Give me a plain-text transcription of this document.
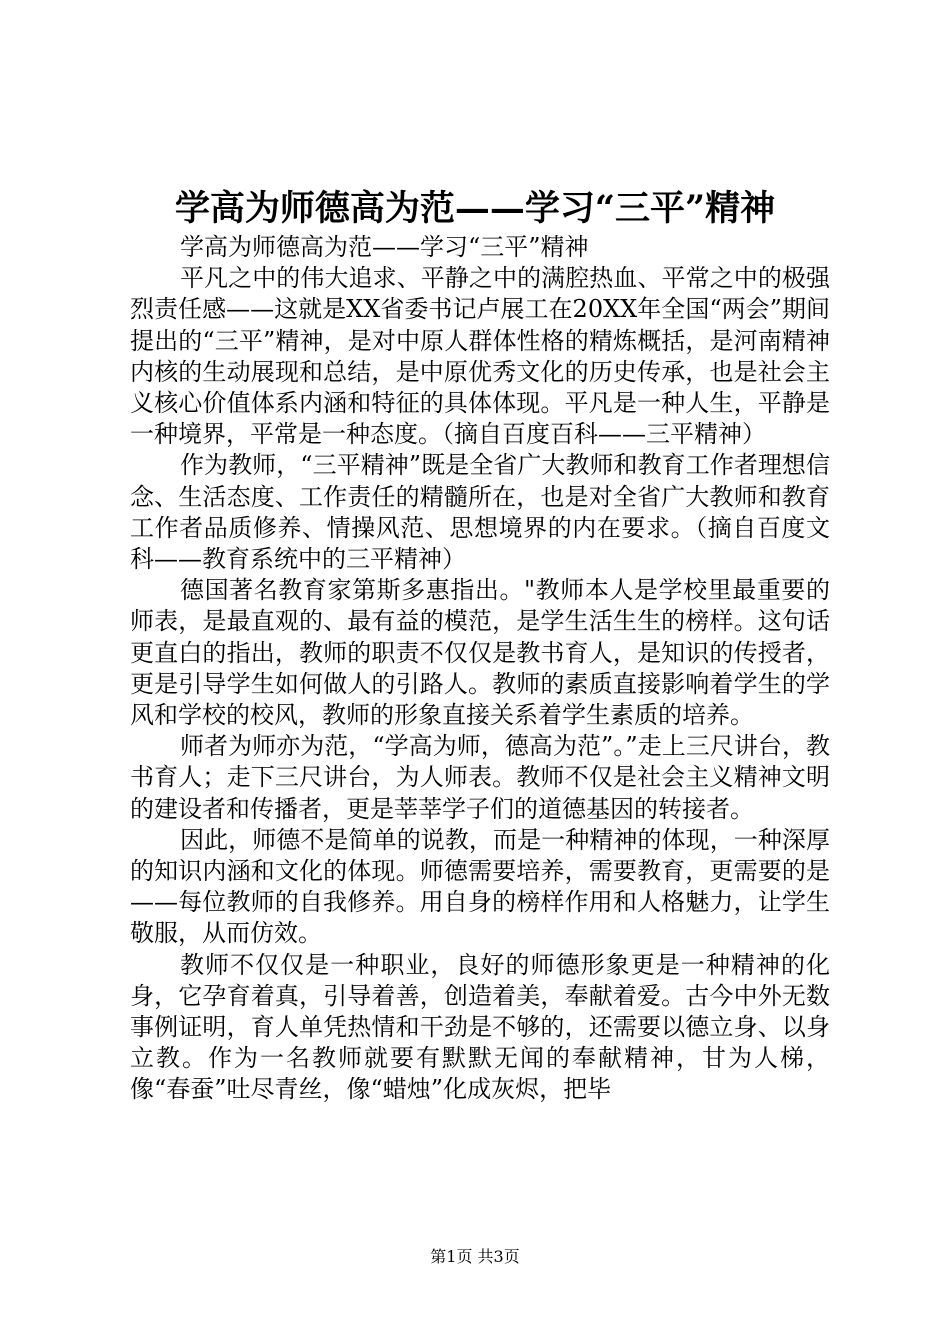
学高为师德高为范——学习“三平”精神

学高为师德高为范——学习“三平”精神

平凡之中的伟大追求、平静之中的满腔热血、平常之中的极强烈责任感——这就是XX省委书记卢展工在20XX年全国“两会”期间提出的“三平”精神，是对中原人群体性格的精炼概括，是河南精神内核的生动展现和总结，是中原优秀文化的历史传承，也是社会主义核心价值体系内涵和特征的具体体现。平凡是一种人生，平静是一种境界，平常是一种态度。（摘自百度百科——三平精神）

作为教师，“三平精神”既是全省广大教师和教育工作者理想信念、生活态度、工作责任的精髓所在，也是对全省广大教师和教育工作者品质修养、情操风范、思想境界的内在要求。（摘自百度文科——教育系统中的三平精神）

德国著名教育家第斯多惠指出。"教师本人是学校里最重要的师表，是最直观的、最有益的模范，是学生活生生的榜样。这句话更直白的指出，教师的职责不仅仅是教书育人，是知识的传授者，更是引导学生如何做人的引路人。教师的素质直接影响着学生的学风和学校的校风，教师的形象直接关系着学生素质的培养。

师者为师亦为范，“学高为师，德高为范”。”走上三尺讲台，教书育人；走下三尺讲台，为人师表。教师不仅是社会主义精神文明的建设者和传播者，更是莘莘学子们的道德基因的转接者。

因此，师德不是简单的说教，而是一种精神的体现，一种深厚的知识内涵和文化的体现。师德需要培养，需要教育，更需要的是——每位教师的自我修养。用自身的榜样作用和人格魅力，让学生敬服，从而仿效。

教师不仅仅是一种职业，良好的师德形象更是一种精神的化身，它孕育着真，引导着善，创造着美，奉献着爱。古今中外无数事例证明，育人单凭热情和干劲是不够的，还需要以德立身、以身立教。作为一名教师就要有默默无闻的奉献精神，甘为人梯，像“春蚕”吐尽青丝，像“蜡烛”化成灰烬，把毕

第1页 共3页
